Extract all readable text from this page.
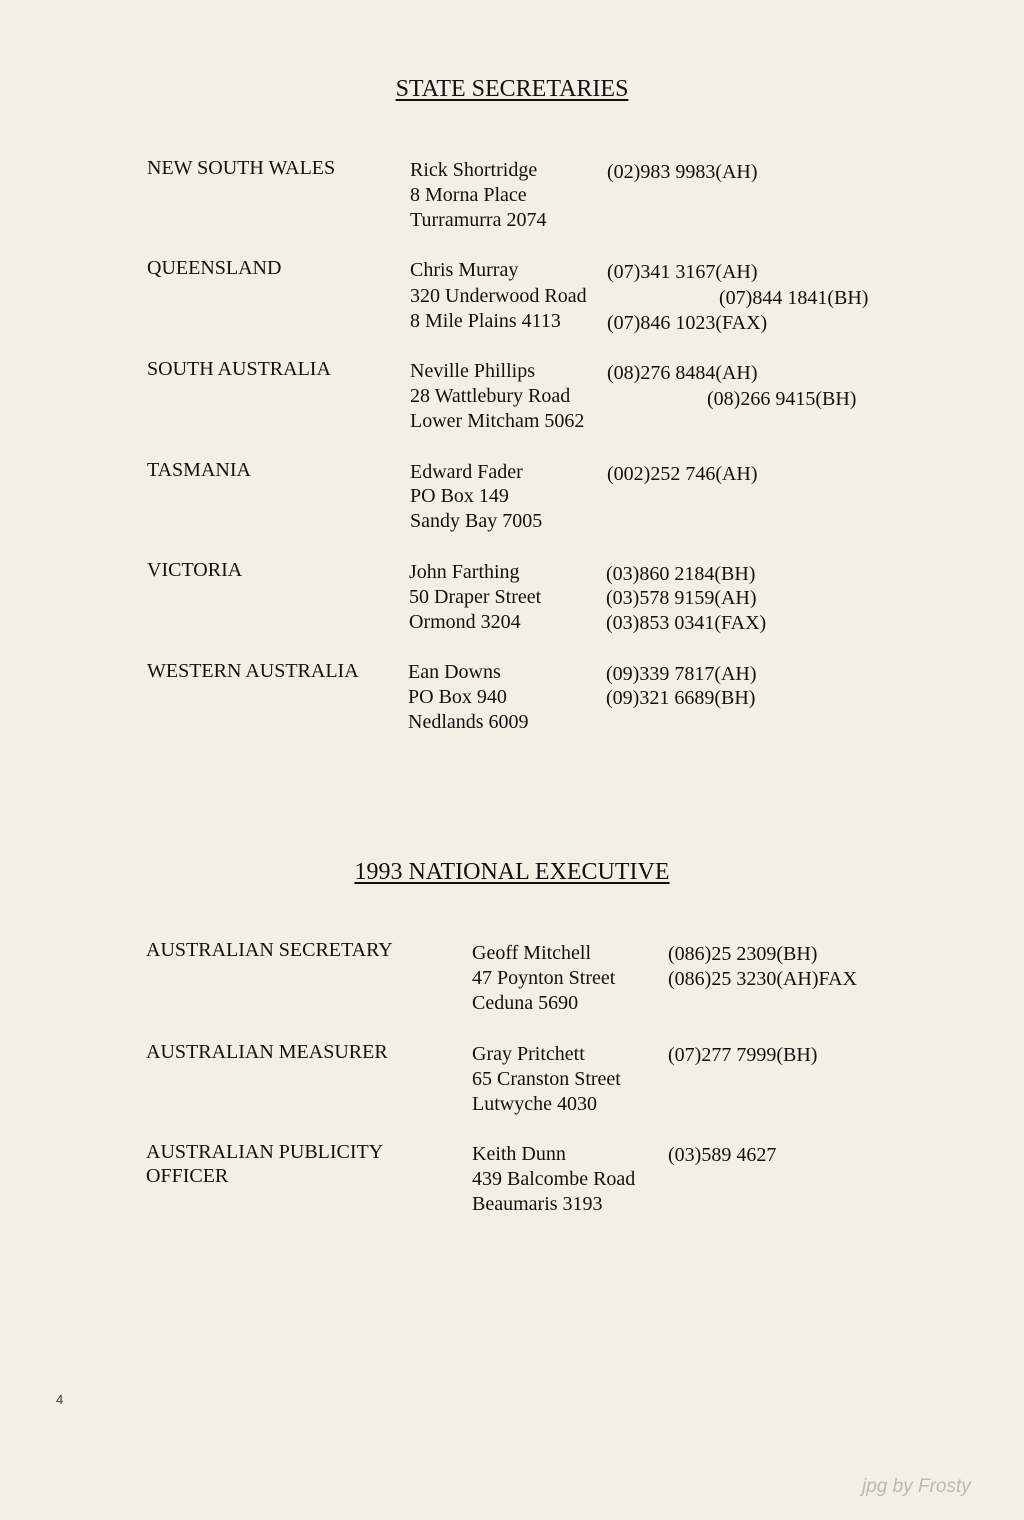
STATE SECRETARIES
NEW SOUTH WALES	Rick Shortridge
8 Morna Place
Turramurra 2074
(02)983 9983(AH)
QUEENSLAND	Chris Murray
320 Underwood Road
8 Mile Plains 4113
(07)341 3167(AH)
(07)844 1841(BH)
(07)846 1023(FAX)
SOUTH AUSTRALIA	Neville Phillips
28 Wattlebury Road
Lower Mitcham 5062
(08)276 8484(AH)
(08)266 9415(BH)
TASMANIA	Edward Fader
PO Box 149
Sandy Bay 7005
(002)252 746(AH)
VICTORIA	John Farthing
50 Draper Street
Ormond 3204
(03)860 2184(BH)
(03)578 9159(AH)
(03)853 0341(FAX)
WESTERN AUSTRALIA Ean Downs
PO Box 940
Nedlands 6009
(09)339 7817(AH)
(09)321 6689(BH)
1993 NATIONAL EXECUTIVE
AUSTRALIAN SECRETARY	Geoff Mitchell
47 Poynton Street
Ceduna 5690
(086)25 2309(BH)
(086)25 3230(AH)FAX
AUSTRALIAN MEASURER	Gray Pritchett
65 Cranston Street
Lutwyche 4030
(07)277 7999(BH)
AUSTRALIAN PUBLICITY
OFFICER
Keith Dunn
439 Balcombe Road
Beaumaris 3193
(03)589 4627
4
jpg by Frosty
